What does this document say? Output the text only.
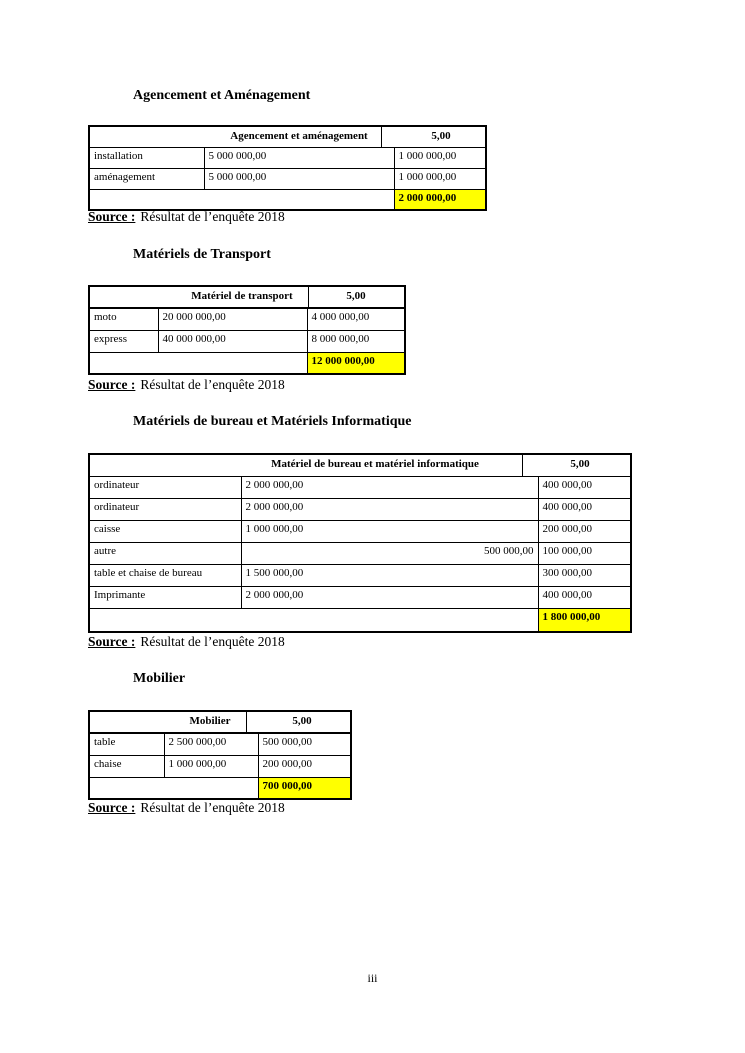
Agencement et Aménagement
Agencement et aménagement 5,00		

installation	5 000 000,00	1 000 000,00
aménagement	5 000 000,00	1 000 000,00
		2 000 000,00
Source : Résultat de l’enquête 2018
Matériels de Transport
Matériel de transport 5,00		

moto	20 000 000,00	4 000 000,00
express	40 000 000,00	8 000 000,00
		12 000 000,00
Source : Résultat de l’enquête 2018
Matériels de bureau et Matériels Informatique
Matériel de bureau et matériel informatique 5,00		

ordinateur	2 000 000,00	400 000,00
ordinateur	2 000 000,00	400 000,00
caisse	1 000 000,00	200 000,00
autre	500 000,00	100 000,00
table et chaise de bureau	1 500 000,00	300 000,00
Imprimante	2 000 000,00	400 000,00
		1 800 000,00
Source : Résultat de l’enquête 2018
Mobilier
Mobilier 5,00		

table	2 500 000,00	500 000,00
chaise	1 000 000,00	200 000,00
		700 000,00
Source : Résultat de l’enquête 2018
iii
